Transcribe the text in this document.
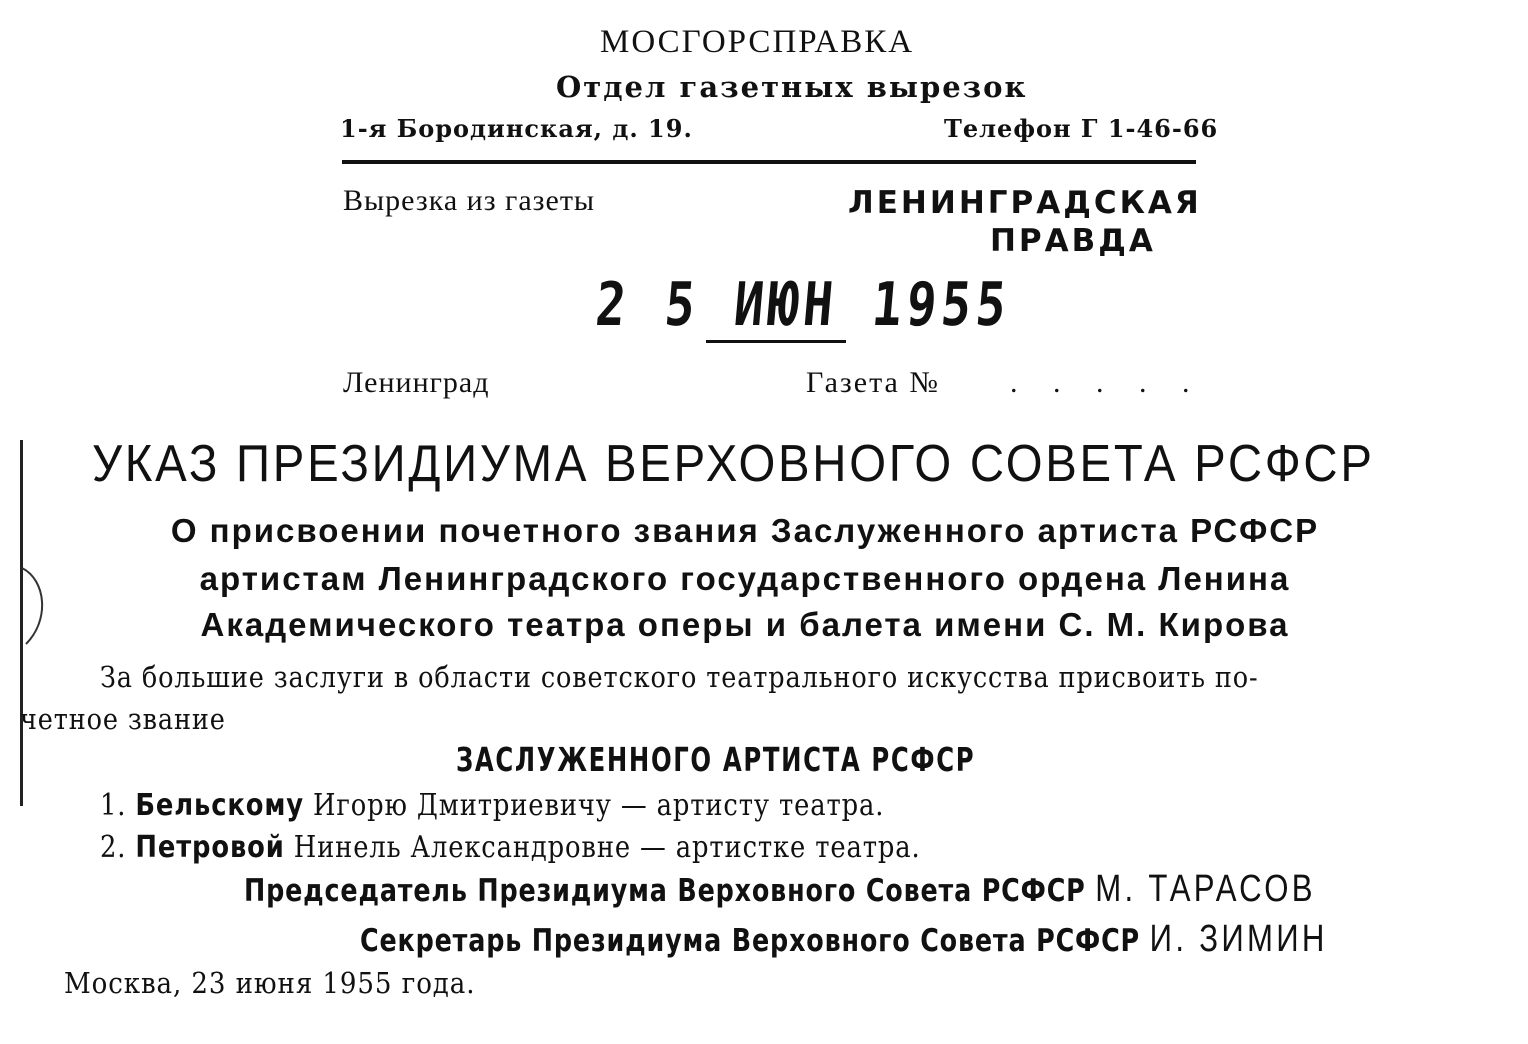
МОСГОРСПРАВКА
Отдел газетных вырезок
1-я Бородинская, д. 19.	Телефон Г 1-46-66
Вырезка из газеты	ЛЕНИНГРАДСКАЯ
ПРАВДА
2 5 ИЮН 1955
Ленинград	Газета № . . . . .
УКАЗ ПРЕЗИДИУМА ВЕРХОВНОГО СОВЕТА РСФСР
О присвоении почетного звания Заслуженного артиста РСФСР
артистам Ленинградского государственного ордена Ленина
Академического театра оперы и балета имени С. М. Кирова
За большие заслуги в области советского театрального искусства присвоить по-
четное звание
ЗАСЛУЖЕННОГО АРТИСТА РСФСР
1. Бельскому Игорю Дмитриевичу — артисту театра.
2. Петровой Нинель Александровне — артистке театра.
Председатель Президиума Верховного Совета РСФСР М. ТАРАСОВ
Секретарь Президиума Верховного Совета РСФСР И. ЗИМИН
Москва, 23 июня 1955 года.
